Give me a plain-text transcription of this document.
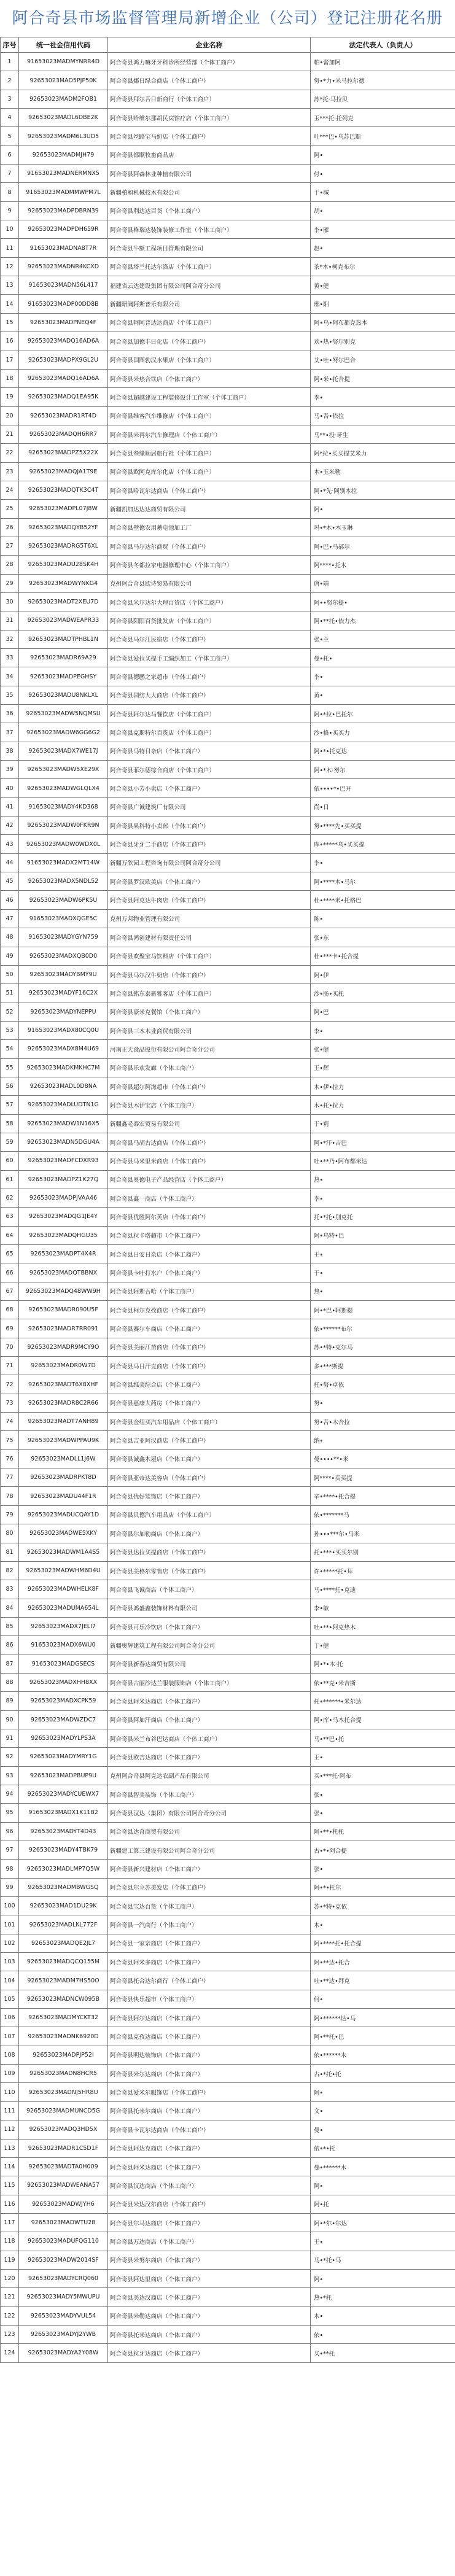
阿合奇县市场监督管理局新增企业（公司）登记注册花名册
序号	统一社会信用代码	企业名称	法定代表人（负责人）
1	91653023MADMYNRR4D	阿合奇县鸿力嘛牙牙科诊所经营部（个体工商户）	帕•蕾加阿
2	92653023MAD5PJP50K	阿合奇县娜日绿合商店（个体工商户）	努•*力•米马拉尔德
3	92653023MADM2FOB1	阿合奇县拜尔吾日新商行（个体工商户）	苏*托·马拉贝
4	92653023MADL6DBE2K	阿合奇县哈维尔那胡民宾馆疗店（个体工商户）	玉***托·托列克
5	92653023MADM6L3UD5	阿合奇县丝路宝马奶店（个体工商户）	吐***巴•乌苏巴斯
6	92653023MADMJH79	阿合奇县都顺牧畜商品店	阿•
7	91653023MADNERMNX5	阿合奇县阿森林业种植有限公司	付•
8	91653023MADMMWPM7L	新疆柏和机械技术有限公司	于•城
9	92653023MADPDBRN39	阿合奇县利达达百货（个体工商户）	胡•
10	92653023MADPDH659R	阿合奇县格瑞达装饰装修工作室（个体工商户）	李•雁
11	91653023MADNA8T7R	阿合奇县牛额工程项目管理有限公司	赵•
12	92653023MADNR4KCXD	阿合奇县塔兰托达尔洛店（个体工商户）	茶*木•柯克布尔
13	91653023MADN56L417	福建省云达建设集团有限公司阿合奇分公司	黄•健
14	91653023MADP00DD8B	新疆昭阔阿斯普乐有限公司	邢•阳
15	92653023MADPNEQ4F	阿合奇县阿阿普达达商店（个体工商户）	阿•乌•阿布都克热木
16	92653023MADQ16AD6A	阿合奇县加德丰日化店（个体工商户）	欢•热•努尔别克
17	92653023MADPX9GL2U	阿合奇县国图勃汉水果店（个体工商户）	艾•吐•努尔巴合
18	92653023MADQ16AD6A	阿合奇县米热合铁店（个体工商户）	阿•米•托合提
19	92653023MADQ1EA95K	阿合奇县超越建设工程装修设计工作室（个体工商户）	李•
20	92653023MADR1RT4D	阿合奇县维客汽车维修店（个体工商户）	马•吾•依拉
21	92653023MADQH6RR7	阿合奇县米再尔汽车修理店（个体工商户）	马**•投·牙生
22	92653023MADPZ5X22X	阿合奇县叁缘顺居旅行社（个体工商户）	阿*拉•买买提艾米力
23	92653023MADQJA1T9E	阿合奇县欧阿克库尔化店（个体工商户）	木•玉米勒
24	92653023MADQTK3C4T	阿合奇县哈瓦尔达商店（个体工商户）	阿•*先·阿别木拉
25	92653023MADPL07J8W	新疆凯加达达达商贸有限公司	阿•
26	92653023MADQYB52YF	阿合奇县壁德农用蓄电池加工厂	玛•*木•木玉琳
27	92653023MADRG5T6XL	阿合奇县马尔达尔商贸（个体工商户）	阿•巴•马郝尔
28	92653023MADU28SK4H	阿合奇县冬都拉家电器修理中心（个体工商户）	阿****•托木
29	92653023MADWYNKG4	克州阿合奇县欧诗贸易有限公司	唐•靖
30	92653023MADT2XEU7D	阿合奇县米尔达尔大理百货店（个体工商户）	阿••努尔提•
31	92653023MADWEAPR33	阿合奇县阳阳百货批发店（个体工商户）	阿•**托•依力杰
32	92653023MADTPHBL1N	阿合奇县马尔江民宿店（个体工商户）	张•兰
33	92653023MADR69A29	阿合奇县爱拉买提手工编织加工（个体工商户）	曼•托•
34	92653023MADPEGHSY	阿合奇县德鹏之家超市（个体工商户）	李•
35	92653023MADU8NKLXL	阿合奇县国纺大大商店（个体工商户）	黄•
36	92653023MADW5NQMSU	阿合奇县阿尔达马餐饮店（个体工商户）	阿•*拉•巴托尔
37	92653023MADW6GG6G2	阿合奇县克斯特尔百货店（个体工商户）	沙•格•买买力
38	92653023MADX7WE17J	阿合奇县马特日杂店（个体工商户）	阿•*•托克达
39	92653023MADW5XE29X	阿合奇县菲尔德综合商店（个体工商户）	阿•*木·努尔
40	92653023MADWGLQLX4	阿合奇县小芳小卖店（个体工商户）	依••••*•巴开
41	91653023MADY4KD368	阿合奇县广诚建筑厂有限公司	尚•日
42	92653023MADW0FKR9N	阿合奇县果科特小卖部（个体工商户）	努•****先•买买提
43	92653023MADW0WDX0L	阿合奇县牙牙二手商店（个体工商户）	库•*****乌•买买提
44	91653023MADX2MT14W	新疆万欣园工程咨询有限公司阿合奇分公司	李•
45	92653023MADX5NDL52	阿合奇县罗汉欧美店（个体工商户）	阿•****木•马尔
46	92653023MADW6PK5U	阿合奇县阿克达牛肉店（个体工商户）	杜•****米•托格巴
47	91653023MADXQGE5C	克州万邦物业管理有限公司	陈•
48	91653023MADYGYN759	阿合奇县鸿创建材有限责任公司	张•东
49	92653023MADXQB0D0	阿合奇县欢聚宝马饮料店（个体工商户）	杜•***卡•托合提
50	92653023MADYBMY9U	阿合奇县马尔汉牛奶店（个体工商户）	阿•伊
51	92653023MADYF16C2X	阿合奇县铭东泰新雅客店（个体工商户）	沙•肠•买托
52	92653023MADYNEPPU	阿合奇县豪米克餐馆（个体工商户）	阿•巴
53	91653023MADX80CQ0U	阿合奇县三木木业商贸有限公司	李•
54	92653023MADX8M4U69	河南正天食品股份有限公司阿合奇分公司	张•健
55	92653023MADKMKHC7M	阿合奇县乐欢发廊（个体工商户）	王•辉
56	92653023MADL0D8NA	阿合奇县超尔阿海超市（个体工商户）	木•伊•拉力
57	92653023MADLUDTN1G	阿合奇县木伊宝店（个体工商户）	木•托•拉力
58	92653023MADW1N16X5	新疆鑫毛泰宏贸易有限公司	于•莉
59	92653023MADN5DGU4A	阿合奇县马胡古达商店（个体工商户）	阿•*汗•吉巴
60	92653023MADFCDXR93	阿合奇县马米里米商店（个体工商户）	吐•**乃•阿布都米达
61	92653023MADPZ1K27Q	阿合奇县奥德电子产品经营店（个体工商户）	热•
62	92653023MADPJVAA46	阿合奇县鑫一商店（个体工商户）	李•
63	92653023MADQG1JE4Y	阿合奇县优胜阿尔芙店（个体工商户）	托•*托•别克托
64	92653023MADQHGU35	阿合奇县拉卡塔超市（个体工商户）	阿•乌特•巴
65	92653023MADPT4X4R	阿合奇县日安日杂店（个体工商户）	王•
66	92653023MADQTBBNX	阿合奇县卡叶打水户（个体工商户）	于•
67	92653023MADQ48WW9H	阿合奇县阿斯吾哈（个体工商户）	热•
68	92653023MADR090U5F	阿合奇县柯尔克孜商店（个体工商户）	阿•*巴•阿斯提
69	92653023MADR7RR091	阿合奇县赛尔车商店（个体工商户）	依•******布尔
70	92653023MADR9MCY9O	阿合奇县美丽江苗商店（个体工商户）	苏•*特•克尔马
71	92653023MADR0W7D	阿合奇县马日汗克商店（个体工商户）	多•***斯提
72	92653023MADT6X8XHF	阿合奇县维美综合店（个体工商户）	托•努•卓依
73	92653023MADR8C2R66	阿合奇县惠康大药房（个体工商户）	努•
74	92653023MADT7ANH89	阿合奇县金纽买汽车用品店（个体工商户）	努•吾•木合拉
75	92653023MADWPPAU9K	阿合奇县吉亚阿汉商店（个体工商户）	纳•
76	92653023MADLL1J6W	阿合奇县诚鑫木屋店（个体工商户）	曼••••**•米
77	92653023MADRPKT8D	阿合奇县亚帝达美容店（个体工商户）	阿****•买买提
78	92653023MADU44F1R	阿合奇县优好装饰店（个体工商户）	辛•****•托合提
79	92653023MADUCQAY1D	阿合奇县贝德汽车用品店（个体工商户）	依•*******马
80	92653023MADWE5XKY	阿合奇县尔加勒商店（个体工商户）	孙•••***尔•马米
81	92653023MADWM1A4S5	阿合奇县达拉买提商店（个体工商户）	托•***•买买尔别
82	92653023MADWHM6D4U	阿合奇县美格尔零售店（个体工商户）	许•*****托•拜
83	92653023MADWHELK8F	阿合奇县飞诚商店（个体工商户）	马•****托•克迪
84	92653023MADUMA654L	阿合奇县鸿盛鑫装饰材料有限公司	李•敏
85	92653023MADX7JELI7	阿合奇县可乐冷饮店（个体工商户）	吐•**•阿克热木
86	91653023MADX6WU0	新疆奥辉建筑工程有限公司阿合奇分公司	丁•健
87	91653023MADGSECS	阿合奇县新春达商贸有限公司	阿•*•木·托
88	92653023MADXHH8XX	阿合奇县古丽沙达兰服装服饰店（个体工商户）	依•**克•米吉斯
89	92653023MADXCPK59	阿合奇县阿米达商店（个体工商户）	托•******•米尔达
90	92653023MADWZDC7	阿合奇县阿加汗商店（个体工商户）	阿•库•马木托合提
91	92653023MADYLPS3A	阿合奇县米兰布谷巴达商店（个体工商户）	马•**巴•托
92	92653023MADYMRY1G	阿合奇县欧吉达商店（个体工商户）	王•
93	92653023MADPBUP9U	克州阿合奇县阿克达农副产品有限公司	买•***托·阿布
94	92653023MADYCUEWX7	阿合奇县智美装饰（个体工商户）	张•
95	91653023MADX1K1182	阿合奇县汉达（集团）有限公司阿合奇分公司	张•
96	92653023MADYT4D43	阿合奇县达奇商贸有限公司	阿•**•托托
97	92653023MADY4TBK79	新疆建工第三建设有限公司阿合奇分公司	古•*•阿合提
98	92653023MADLMP7Q5W	阿合奇县新兴建材店（个体工商户）	张•
99	92653023MADMBWGSQ	阿合奇县尔立苏美发店（个体工商户）	阿•*•托尔
100	92653023MAD1DU29K	阿合奇县宝达百货（个体工商户）	苏•*特•克依
101	92653023MADLKL772F	阿合奇县一汽商行（个体工商户）	木•
102	92653023MADQE2JL7	阿合奇县一家亲商店（个体工商户）	阿•****托•托合提
103	92653023MADQCQ155M	阿合奇县阿米多商店（个体工商户）	阿•**达•托合
104	92653023MADM7HS50O	阿合奇县托合达尔商行（个体工商户）	吐•**达•拜克
105	92653023MADNCW095B	阿合奇县快乐超市（个体工商户）	何•
106	92653023MADMYCKT32	阿合奇县阿尔达商店（个体工商户）	阿•******达•马
107	92653023MADNK6920D	阿合奇县克孜达商店（个体工商户）	阿•**托•巴
108	92653023MADPJP52I	阿合奇县明达装饰店（个体工商户）	依•******木
109	92653023MADN8HCR5	阿合奇县米尔达商店（个体工商户）	古•*托•托
110	92653023MADNJ5HR8U	阿合奇县爱米尔服饰店（个体工商户）	阿•
111	92653023MADMUNCD5G	阿合奇县托米尔商店（个体工商户）	文•
112	92653023MADQ3HD5X	阿合奇县卡瓦尔达商店（个体工商户）	曼•
113	92653023MADR1C5D1F	阿合奇县阿达克商店（个体工商户）	依•*•托
114	92653023MADTA0H009	阿合奇县阿米达商店（个体工商户）	曼•******木
115	92653023MADWEANA57	阿合奇县汉达商店（个体工商户）	阿•
116	92653023MADWJYH6	阿合奇县米达汉尔商店（个体工商户）	阿•托
117	92653023MADWTU28	阿合奇县尔马达商店（个体工商户）	阿•*尔•尔达
118	92653023MADUFQG110	阿合奇县万达商店（个体工商户）	王•
119	92653023MADW2014SF	阿合奇县米努尔商店（个体工商户）	马•*托•马
120	92653023MADYCRQ060	阿合奇县阿达里商店（个体工商户）	阿•
121	92653023MADY5MWUPU	阿合奇县美达汉商店（个体工商户）	热•*托
122	92653023MADYVUL54	阿合奇县米勒达商店（个体工商户）	木•
123	92653023MADYJ2YWB	阿合奇县托米达商店（个体工商户）	依•
124	92653023MADYA2Y08W	阿合奇县拉牙达商店（个体工商户）	买•**托
